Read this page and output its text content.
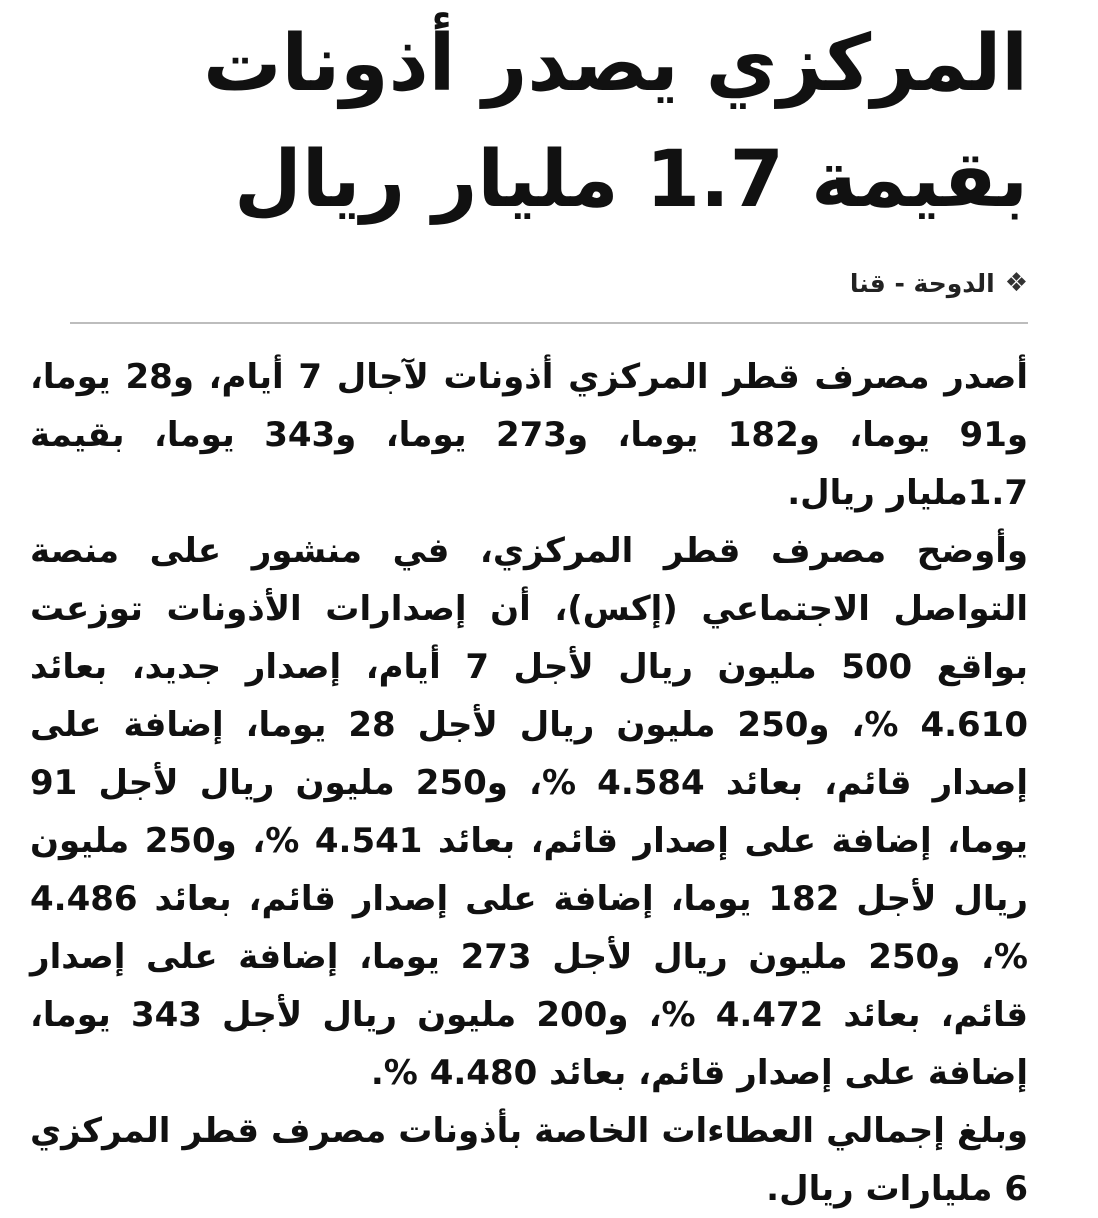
المركزي يصدر أذونات بقيمة 1.7 مليار ريال
❖
الدوحة - قنا

أصدر مصرف قطر المركزي أذونات لآجال 7 أيام، و28 يوما، و91 يوما، و182 يوما، و273 يوما، و343 يوما، بقيمة 1.7مليار ريال.

وأوضح مصرف قطر المركزي، في منشور على منصة التواصل الاجتماعي (إكس)، أن إصدارات الأذونات توزعت بواقع 500 مليون ريال لأجل 7 أيام، إصدار جديد، بعائد 4.610 %، و250 مليون ريال لأجل 28 يوما، إضافة على إصدار قائم، بعائد 4.584 %، و250 مليون ريال لأجل 91 يوما، إضافة على إصدار قائم، بعائد 4.541 %، و250 مليون ريال لأجل 182 يوما، إضافة على إصدار قائم، بعائد 4.486 %، و250 مليون ريال لأجل 273 يوما، إضافة على إصدار قائم، بعائد 4.472 %، و200 مليون ريال لأجل 343 يوما، إضافة على إصدار قائم، بعائد 4.480 %.

وبلغ إجمالي العطاءات الخاصة بأذونات مصرف قطر المركزي 6 مليارات ريال.
